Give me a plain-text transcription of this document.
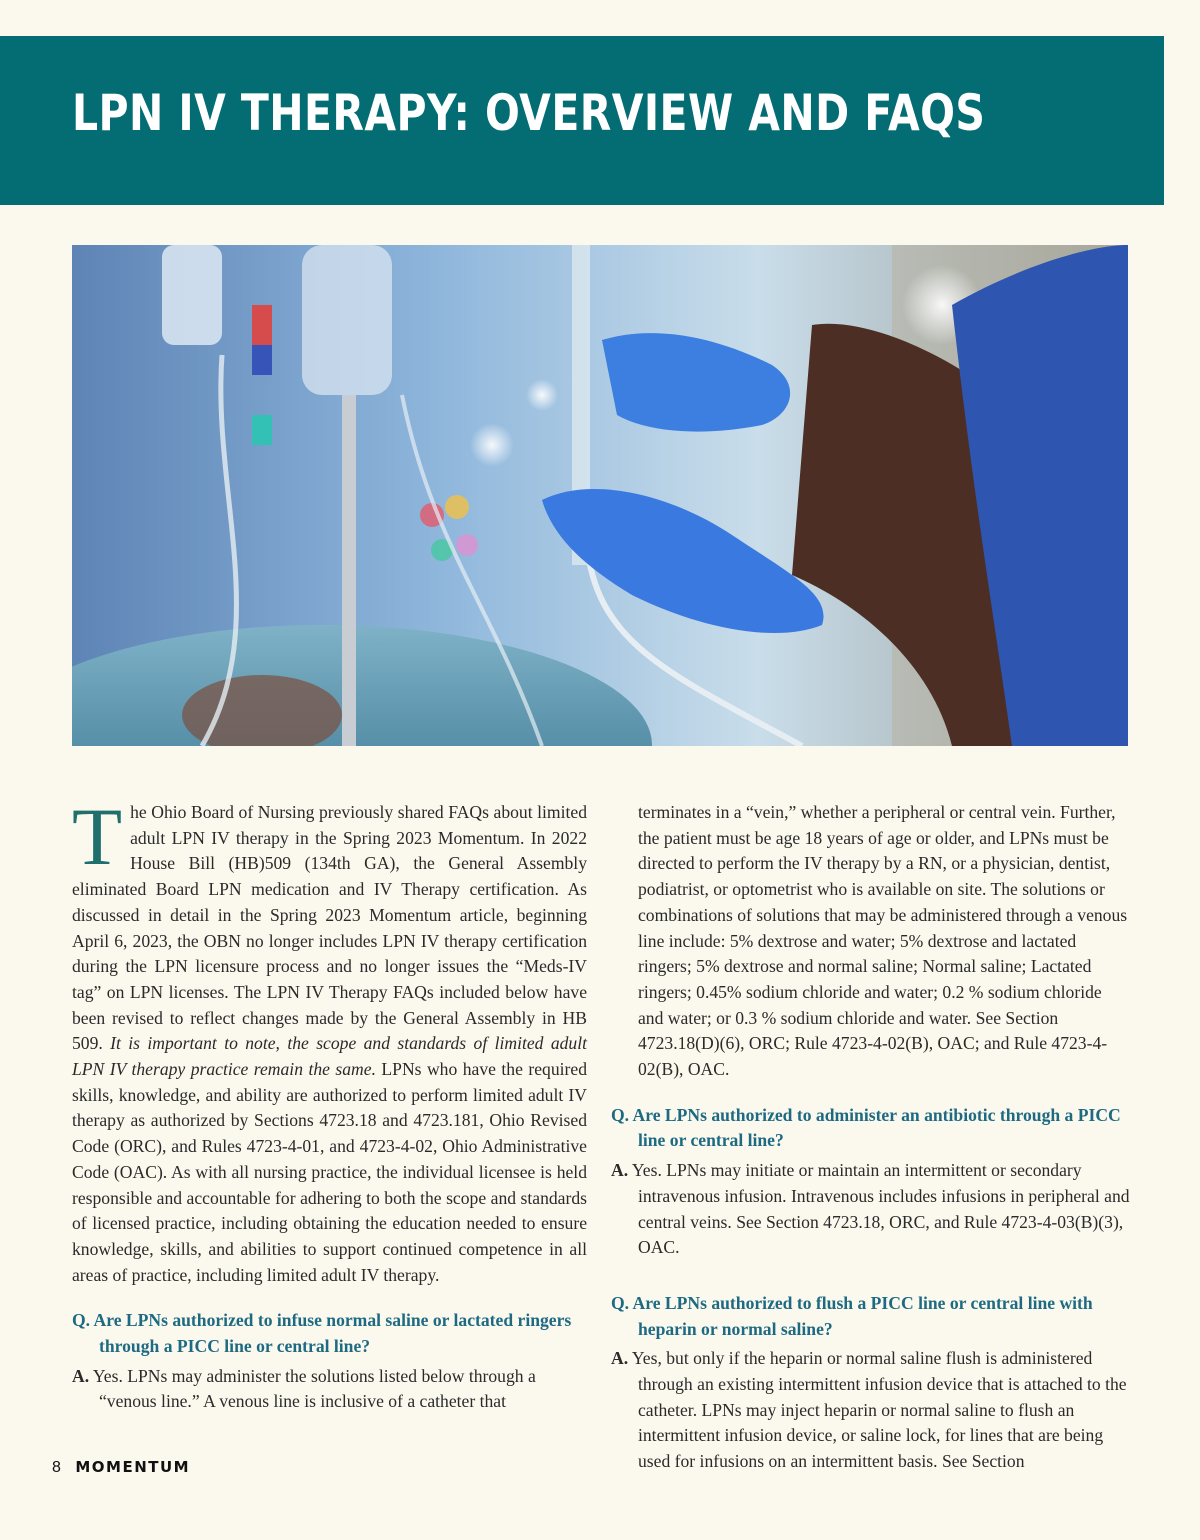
LPN IV THERAPY: OVERVIEW AND FAQS

The Ohio Board of Nursing previously shared FAQs about limited adult LPN IV therapy in the Spring 2023 Momentum. In 2022 House Bill (HB)509 (134th GA), the General Assembly eliminated Board LPN medication and IV Therapy certification. As discussed in detail in the Spring 2023 Momentum article, beginning April 6, 2023, the OBN no longer includes LPN IV therapy certification during the LPN licensure process and no longer issues the “Meds-IV tag” on LPN licenses. The LPN IV Therapy FAQs included below have been revised to reflect changes made by the General Assembly in HB 509. It is important to note, the scope and standards of limited adult LPN IV therapy practice remain the same. LPNs who have the required skills, knowledge, and ability are authorized to perform limited adult IV therapy as authorized by Sections 4723.18 and 4723.181, Ohio Revised Code (ORC), and Rules 4723-4-01, and 4723-4-02, Ohio Administrative Code (OAC). As with all nursing practice, the individual licensee is held responsible and accountable for adhering to both the scope and standards of licensed practice, including obtaining the education needed to ensure knowledge, skills, and abilities to support continued competence in all areas of practice, including limited adult IV therapy.

Q. Are LPNs authorized to infuse normal saline or lactated ringers through a PICC line or central line?

A. Yes. LPNs may administer the solutions listed below through a “venous line.” A venous line is inclusive of a catheter that

terminates in a “vein,” whether a peripheral or central vein. Further, the patient must be age 18 years of age or older, and LPNs must be directed to perform the IV therapy by a RN, or a physician, dentist, podiatrist, or optometrist who is available on site. The solutions or combinations of solutions that may be administered through a venous line include: 5% dextrose and water; 5% dextrose and lactated ringers; 5% dextrose and normal saline; Normal saline; Lactated ringers; 0.45% sodium chloride and water; 0.2 % sodium chloride and water; or 0.3 % sodium chloride and water. See Section 4723.18(D)(6), ORC; Rule 4723-4-02(B), OAC; and Rule 4723-4-02(B), OAC.

Q. Are LPNs authorized to administer an antibiotic through a PICC line or central line?

A. Yes. LPNs may initiate or maintain an intermittent or secondary intravenous infusion. Intravenous includes infusions in peripheral and central veins. See Section 4723.18, ORC, and Rule 4723-4-03(B)(3), OAC.

Q. Are LPNs authorized to flush a PICC line or central line with heparin or normal saline?

A. Yes, but only if the heparin or normal saline flush is administered through an existing intermittent infusion device that is attached to the catheter. LPNs may inject heparin or normal saline to flush an intermittent infusion device, or saline lock, for lines that are being used for infusions on an intermittent basis. See Section

8 MOMENTUM
